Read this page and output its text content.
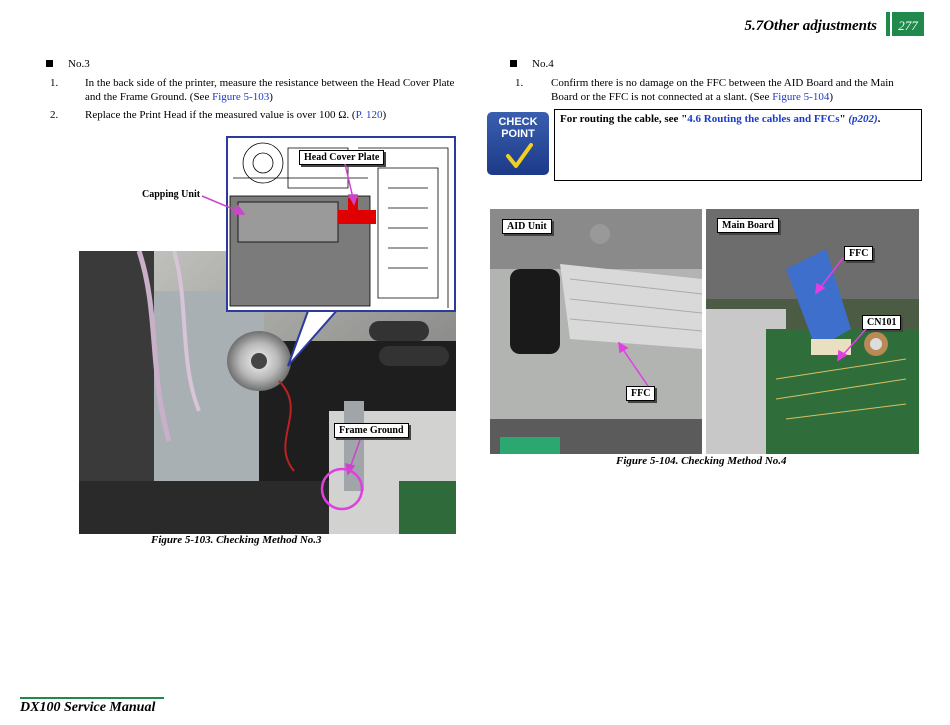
5.7Other adjustments	277
No.3
1. In the back side of the printer, measure the resistance between the Head Cover Plate and the Frame Ground. (See Figure 5-103)
2. Replace the Print Head if the measured value is over 100 Ω. (P. 120)
Head Cover Plate
Capping Unit
Frame Ground
Figure 5-103. Checking Method No.3
No.4
1.	Confirm there is no damage on the FFC between the AID Board and the Main Board or the FFC is not connected at a slant. (See Figure 5-104)
CHECK
POINT
For routing the cable, see "4.6 Routing the cables and FFCs" (p202).
AID Unit
FFC
Main Board
FFC
CN101
Figure 5-104. Checking Method No.4
DX100 Service Manual
